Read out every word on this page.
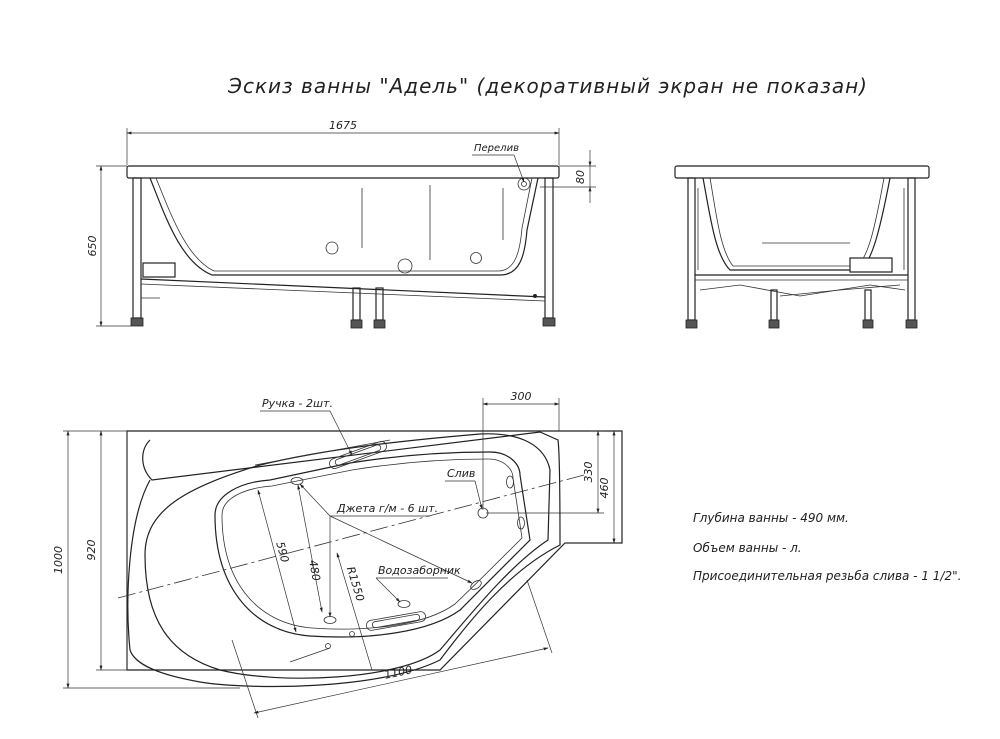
Эскиз ванны "Адель" (декоративный экран не показан)
1675
650
80
Перелив
300
330
460
1000 920	590
480 R1550
1100
Ручка - 2шт.
Слив
Джета г/м - 6 шт.
Водозаборник
Глубина ванны - 490 мм.
Объем ванны - л.
Присоединительная резьба слива - 1 1/2".
